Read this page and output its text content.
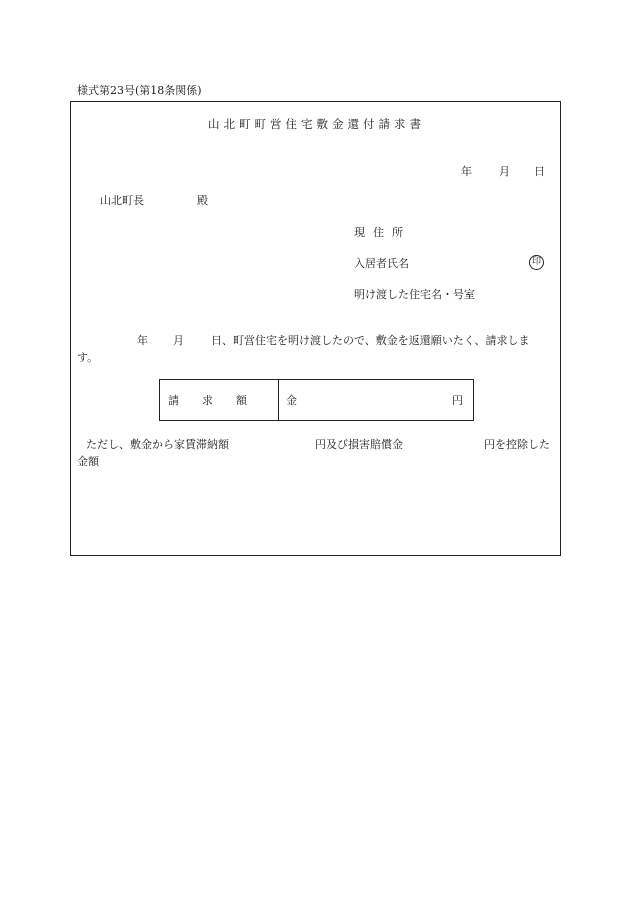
様式第23号(第18条関係)
山北町町営住宅敷金還付請求書
年 月 日
山北町長	殿
現住所
入居者氏名	印
明け渡した住宅名・号室
年 月 日、町営住宅を明け渡したので、敷金を返還願いたく、請求しま
す。
請求額 金	円
ただし、敷金から家賃滞納額	円及び損害賠償金	円を控除した
金額
